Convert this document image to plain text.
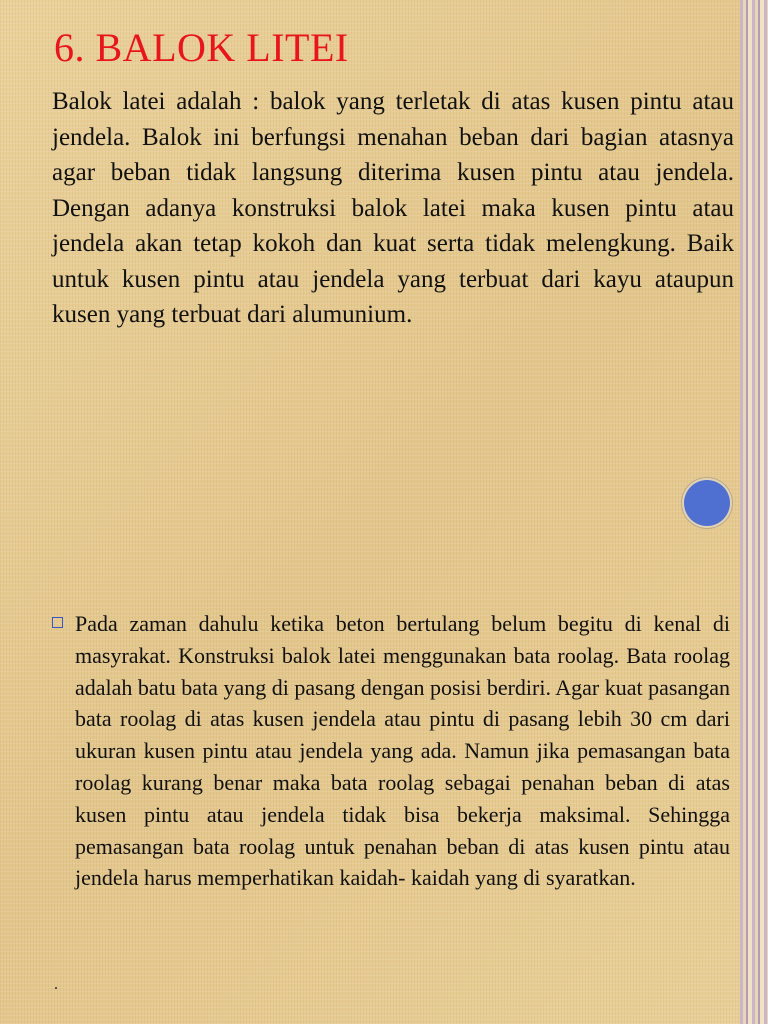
6. BALOK LITEI

Balok latei adalah : balok yang terletak di atas kusen pintu atau jendela. Balok ini berfungsi menahan beban dari bagian atasnya agar beban tidak langsung diterima kusen pintu atau jendela. Dengan adanya konstruksi balok latei maka kusen pintu atau jendela akan tetap kokoh dan kuat serta tidak melengkung. Baik untuk kusen pintu atau jendela yang terbuat dari kayu ataupun kusen yang terbuat dari alumunium.

Pada zaman dahulu ketika beton bertulang belum begitu di kenal di masyrakat. Konstruksi balok latei menggunakan bata roolag. Bata roolag adalah batu bata yang di pasang dengan posisi berdiri. Agar kuat pasangan bata roolag di atas kusen jendela atau pintu di pasang lebih 30 cm dari ukuran kusen pintu atau jendela yang ada. Namun jika pemasangan bata roolag kurang benar maka bata roolag sebagai penahan beban di atas kusen pintu atau jendela tidak bisa bekerja maksimal. Sehingga pemasangan bata roolag untuk penahan beban di atas kusen pintu atau jendela harus memperhatikan kaidah- kaidah yang di syaratkan.

.
